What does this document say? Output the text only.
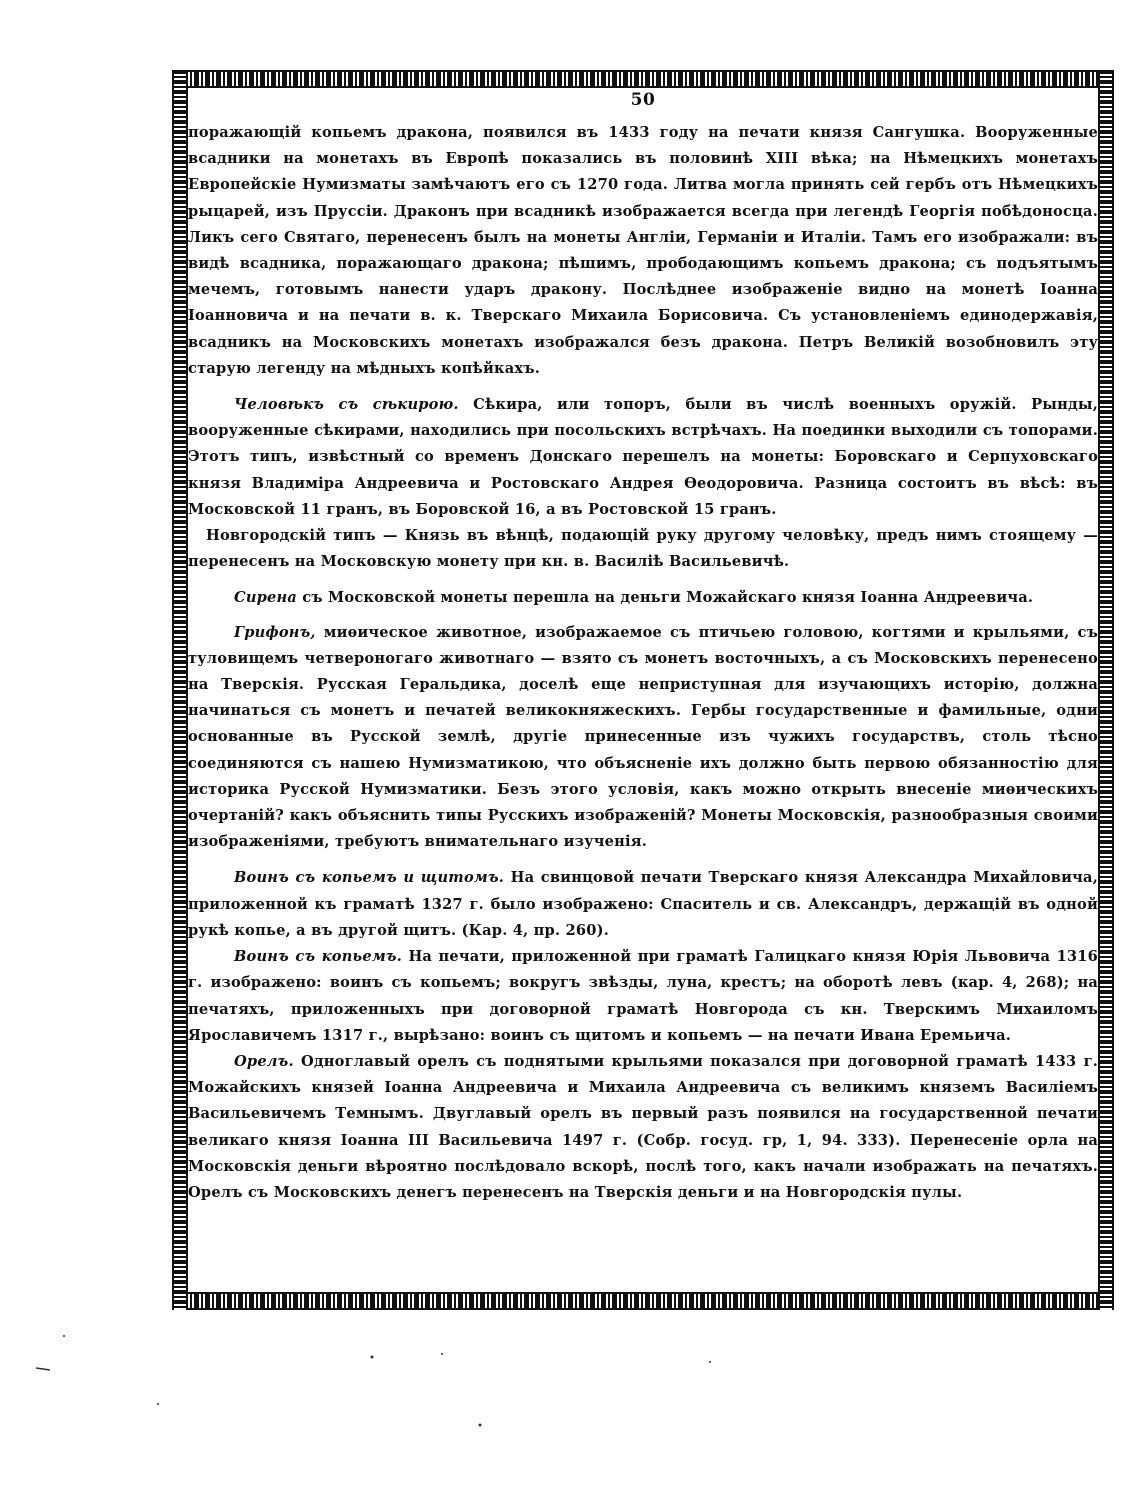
50

поражающій копьемъ дракона, появился въ 1433 году на печати князя Сангушка. Вооруженные всадники на монетахъ въ Европѣ показались въ половинѣ XIII вѣка; на Нѣмецкихъ монетахъ Европейскіе Нумизматы замѣчаютъ его съ 1270 года. Литва могла принять сей гербъ отъ Нѣмецкихъ рыцарей, изъ Пруссіи. Драконъ при всадникѣ изображается всегда при легендѣ Георгія побѣдоносца. Ликъ сего Святаго, перенесенъ былъ на монеты Англіи, Германіи и Италіи. Тамъ его изображали: въ видѣ всадника, поражающаго дракона; пѣшимъ, прободающимъ копьемъ дракона; съ подъятымъ мечемъ, готовымъ нанести ударъ дракону. Послѣднее изображеніе видно на монетѣ Іоанна Іоанновича и на печати в. к. Тверскаго Михаила Борисовича. Съ установленіемъ единодержавія, всадникъ на Московскихъ монетахъ изображался безъ дракона. Петръ Великій возобновилъ эту старую легенду на мѣдныхъ копѣйкахъ.

Человѣкъ съ сѣкирою. Сѣкира, или топоръ, были въ числѣ военныхъ оружій. Рынды, вооруженные сѣкирами, находились при посольскихъ встрѣчахъ. На поединки выходили съ топорами. Этотъ типъ, извѣстный со временъ Донскаго перешелъ на монеты: Боровскаго и Серпуховскаго князя Владиміра Андреевича и Ростовскаго Андрея Ѳеодоровича. Разница состоитъ въ вѣсѣ: въ Московской 11 гранъ, въ Боровской 16, а въ Ростовской 15 гранъ.

Новгородскій типъ — Князь въ вѣнцѣ, подающій руку другому человѣку, предъ нимъ стоящему — перенесенъ на Московскую монету при кн. в. Василіѣ Васильевичѣ.

Сирена съ Московской монеты перешла на деньги Можайскаго князя Іоанна Андреевича.

Грифонъ, миѳическое животное, изображаемое съ птичьею головою, когтями и крыльями, съ туловищемъ четвероногаго животнаго — взято съ монетъ восточныхъ, а съ Московскихъ перенесено на Тверскія. Русская Геральдика, доселѣ еще неприступная для изучающихъ исторію, должна начинаться съ монетъ и печатей великокняжескихъ. Гербы государственные и фамильные, одни основанные въ Русской землѣ, другіе принесенные изъ чужихъ государствъ, столь тѣсно соединяются съ нашею Нумизматикою, что объясненіе ихъ должно быть первою обязанностію для историка Русской Нумизматики. Безъ этого условія, какъ можно открыть внесеніе миѳическихъ очертаній? какъ объяснить типы Русскихъ изображеній? Монеты Московскія, разнообразныя своими изображеніями, требуютъ внимательнаго изученія.

Воинъ съ копьемъ и щитомъ. На свинцовой печати Тверскаго князя Александра Михайловича, приложенной къ граматѣ 1327 г. было изображено: Спаситель и св. Александръ, держащій въ одной рукѣ копье, а въ другой щитъ. (Кар. 4, пр. 260).

Воинъ съ копьемъ. На печати, приложенной при граматѣ Галицкаго князя Юрія Львовича 1316 г. изображено: воинъ съ копьемъ; вокругъ звѣзды, луна, крестъ; на оборотѣ левъ (кар. 4, 268); на печатяхъ, приложенныхъ при договорной граматѣ Новгорода съ кн. Тверскимъ Михаиломъ Ярославичемъ 1317 г., вырѣзано: воинъ съ щитомъ и копьемъ — на печати Ивана Еремьича.

Орелъ. Одноглавый орелъ съ поднятыми крыльями показался при договорной граматѣ 1433 г. Можайскихъ князей Іоанна Андреевича и Михаила Андреевича съ великимъ княземъ Василіемъ Васильевичемъ Темнымъ. Двуглавый орелъ въ первый разъ появился на государственной печати великаго князя Іоанна III Васильевича 1497 г. (Собр. госуд. гр, 1, 94. 333). Перенесеніе орла на Московскія деньги вѣроятно послѣдовало вскорѣ, послѣ того, какъ начали изображать на печатяхъ. Орелъ съ Московскихъ денегъ перенесенъ на Тверскія деньги и на Новгородскія пулы.
